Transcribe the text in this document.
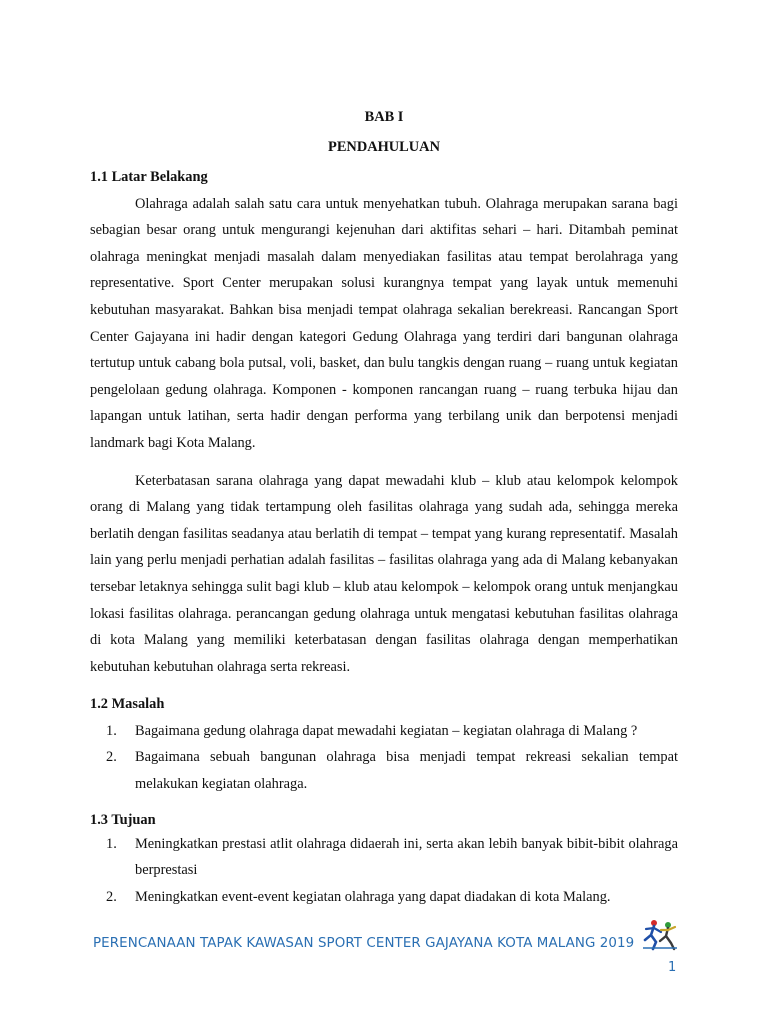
BAB I
PENDAHULUAN
1.1 Latar Belakang

Olahraga adalah salah satu cara untuk menyehatkan tubuh. Olahraga merupakan sarana bagi sebagian besar orang untuk mengurangi kejenuhan dari aktifitas sehari – hari. Ditambah peminat olahraga meningkat menjadi masalah dalam menyediakan fasilitas atau tempat berolahraga yang representative. Sport Center merupakan solusi kurangnya tempat yang layak untuk memenuhi kebutuhan masyarakat. Bahkan bisa menjadi tempat olahraga sekalian berekreasi. Rancangan Sport Center Gajayana ini hadir dengan kategori Gedung Olahraga yang terdiri dari bangunan olahraga tertutup untuk cabang bola putsal, voli, basket, dan bulu tangkis dengan ruang – ruang untuk kegiatan pengelolaan gedung olahraga. Komponen - komponen rancangan ruang – ruang terbuka hijau dan lapangan untuk latihan, serta hadir dengan performa yang terbilang unik dan berpotensi menjadi landmark bagi Kota Malang.

Keterbatasan sarana olahraga yang dapat mewadahi klub – klub atau kelompok kelompok orang di Malang yang tidak tertampung oleh fasilitas olahraga yang sudah ada, sehingga mereka berlatih dengan fasilitas seadanya atau berlatih di tempat – tempat yang kurang representatif. Masalah lain yang perlu menjadi perhatian adalah fasilitas – fasilitas olahraga yang ada di Malang kebanyakan tersebar letaknya sehingga sulit bagi klub – klub atau kelompok – kelompok orang untuk menjangkau lokasi fasilitas olahraga. perancangan gedung olahraga untuk mengatasi kebutuhan fasilitas olahraga di kota Malang yang memiliki keterbatasan dengan fasilitas olahraga dengan memperhatikan kebutuhan kebutuhan olahraga serta rekreasi.

1.2 Masalah
1. Bagaimana gedung olahraga dapat mewadahi kegiatan – kegiatan olahraga di Malang ?
2. Bagaimana sebuah bangunan olahraga bisa menjadi tempat rekreasi sekalian tempat melakukan kegiatan olahraga.
1.3 Tujuan
1. Meningkatkan prestasi atlit olahraga didaerah ini, serta akan lebih banyak bibit-bibit olahraga berprestasi
2. Meningkatkan event-event kegiatan olahraga yang dapat diadakan di kota Malang.
PERENCANAAN TAPAK KAWASAN SPORT CENTER GAJAYANA KOTA MALANG 2019
1
